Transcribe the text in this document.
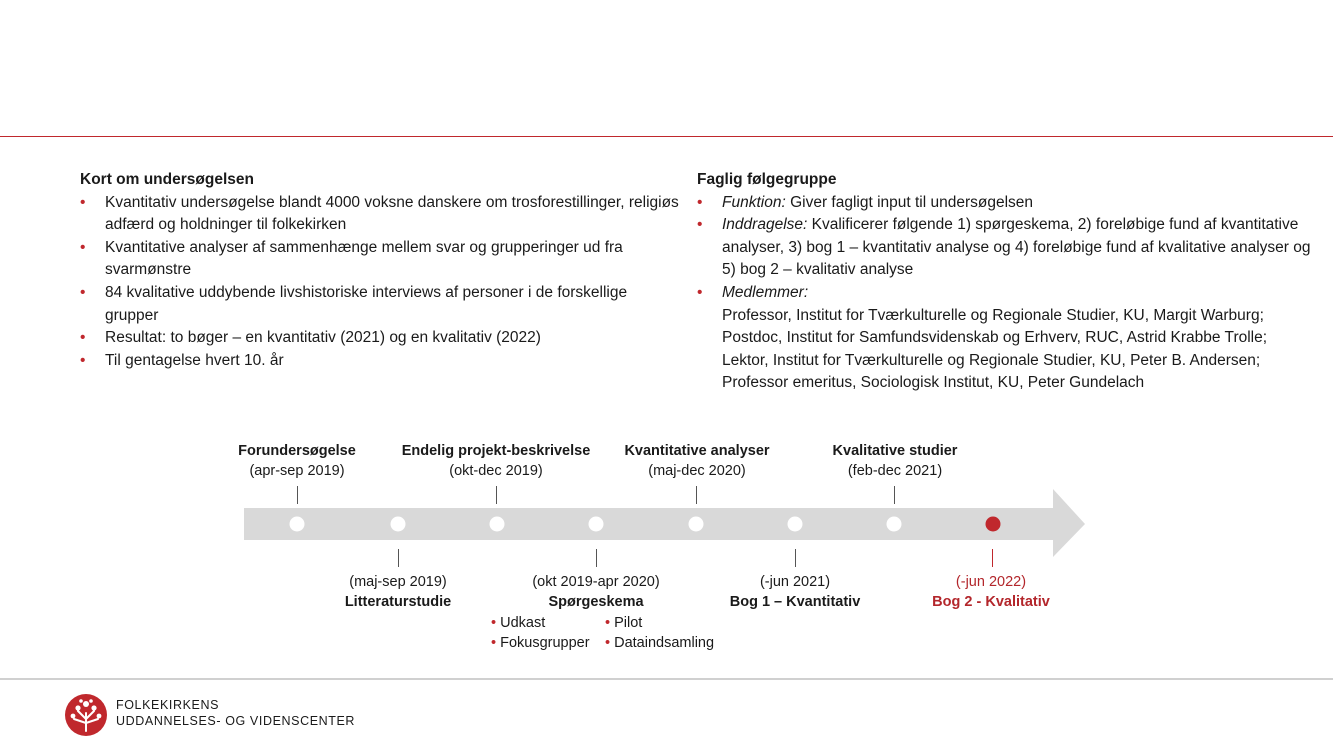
Kort om undersøgelsen
• Kvantitativ undersøgelse blandt 4000 voksne danskere om trosforestillinger, religiøs adfærd og holdninger til folkekirken
• Kvantitative analyser af sammenhænge mellem svar og grupperinger ud fra svarmønstre
• 84 kvalitative uddybende livshistoriske interviews af personer i de forskellige grupper
• Resultat: to bøger – en kvantitativ (2021) og en kvalitativ (2022)
• Til gentagelse hvert 10. år
Faglig følgegruppe
• Funktion: Giver fagligt input til undersøgelsen
• Inddragelse: Kvalificerer følgende 1) spørgeskema, 2) foreløbige fund af kvantitative analyser, 3) bog 1 – kvantitativ analyse og 4) foreløbige fund af kvalitative analyser og 5) bog 2 – kvalitativ analyse
• Medlemmer:
Professor, Institut for Tværkulturelle og Regionale Studier, KU, Margit Warburg;
Postdoc, Institut for Samfundsvidenskab og Erhverv, RUC, Astrid Krabbe Trolle;
Lektor, Institut for Tværkulturelle og Regionale Studier, KU, Peter B. Andersen;
Professor emeritus, Sociologisk Institut, KU, Peter Gundelach
Forundersøgelse
(apr-sep 2019)
Endelig projekt-beskrivelse
(okt-dec 2019)
Kvantitative analyser
(maj-dec 2020)
Kvalitative studier
(feb-dec 2021)
(maj-sep 2019)
Litteraturstudie
(okt 2019-apr 2020)
Spørgeskema
(-jun 2021)
Bog 1 – Kvantitativ
(-jun 2022)
Bog 2 - Kvalitativ
• Udkast
• Fokusgrupper
• Pilot
• Dataindsamling
FOLKEKIRKENS
UDDANNELSES- OG VIDENSCENTER
